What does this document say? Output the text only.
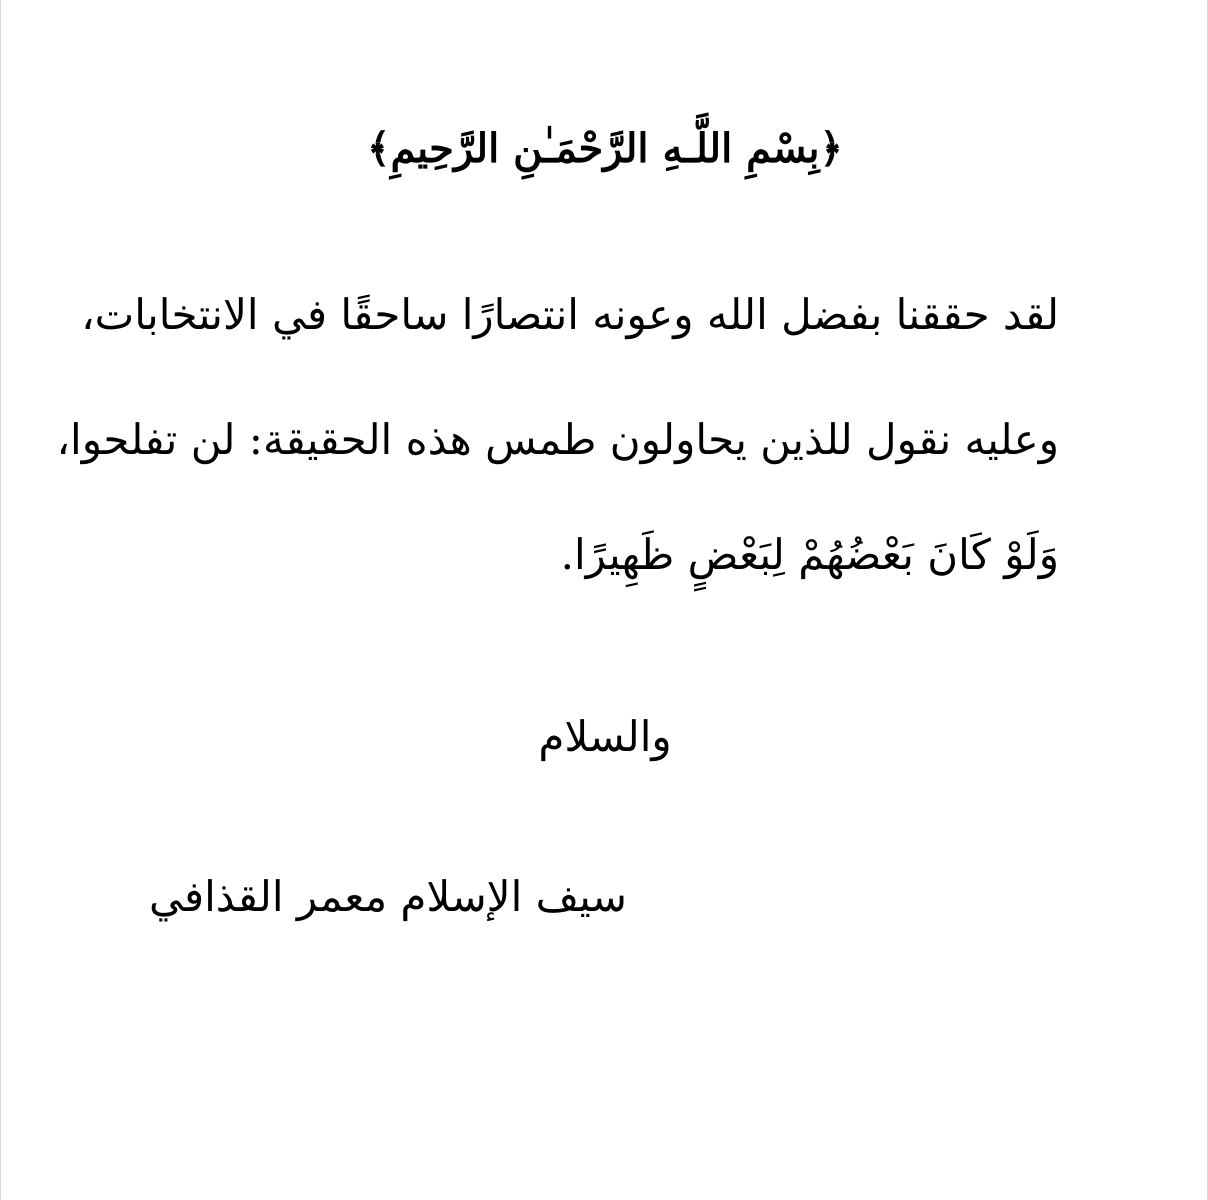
﴿بِسْمِ اللَّـهِ الرَّحْمَـٰنِ الرَّحِيمِ﴾
لقد حققنا بفضل الله وعونه انتصارًا ساحقًا في الانتخابات،
وعليه نقول للذين يحاولون طمس هذه الحقيقة: لن تفلحوا،
وَلَوْ كَانَ بَعْضُهُمْ لِبَعْضٍ ظَهِيرًا.
والسلام
سيف الإسلام معمر القذافي
